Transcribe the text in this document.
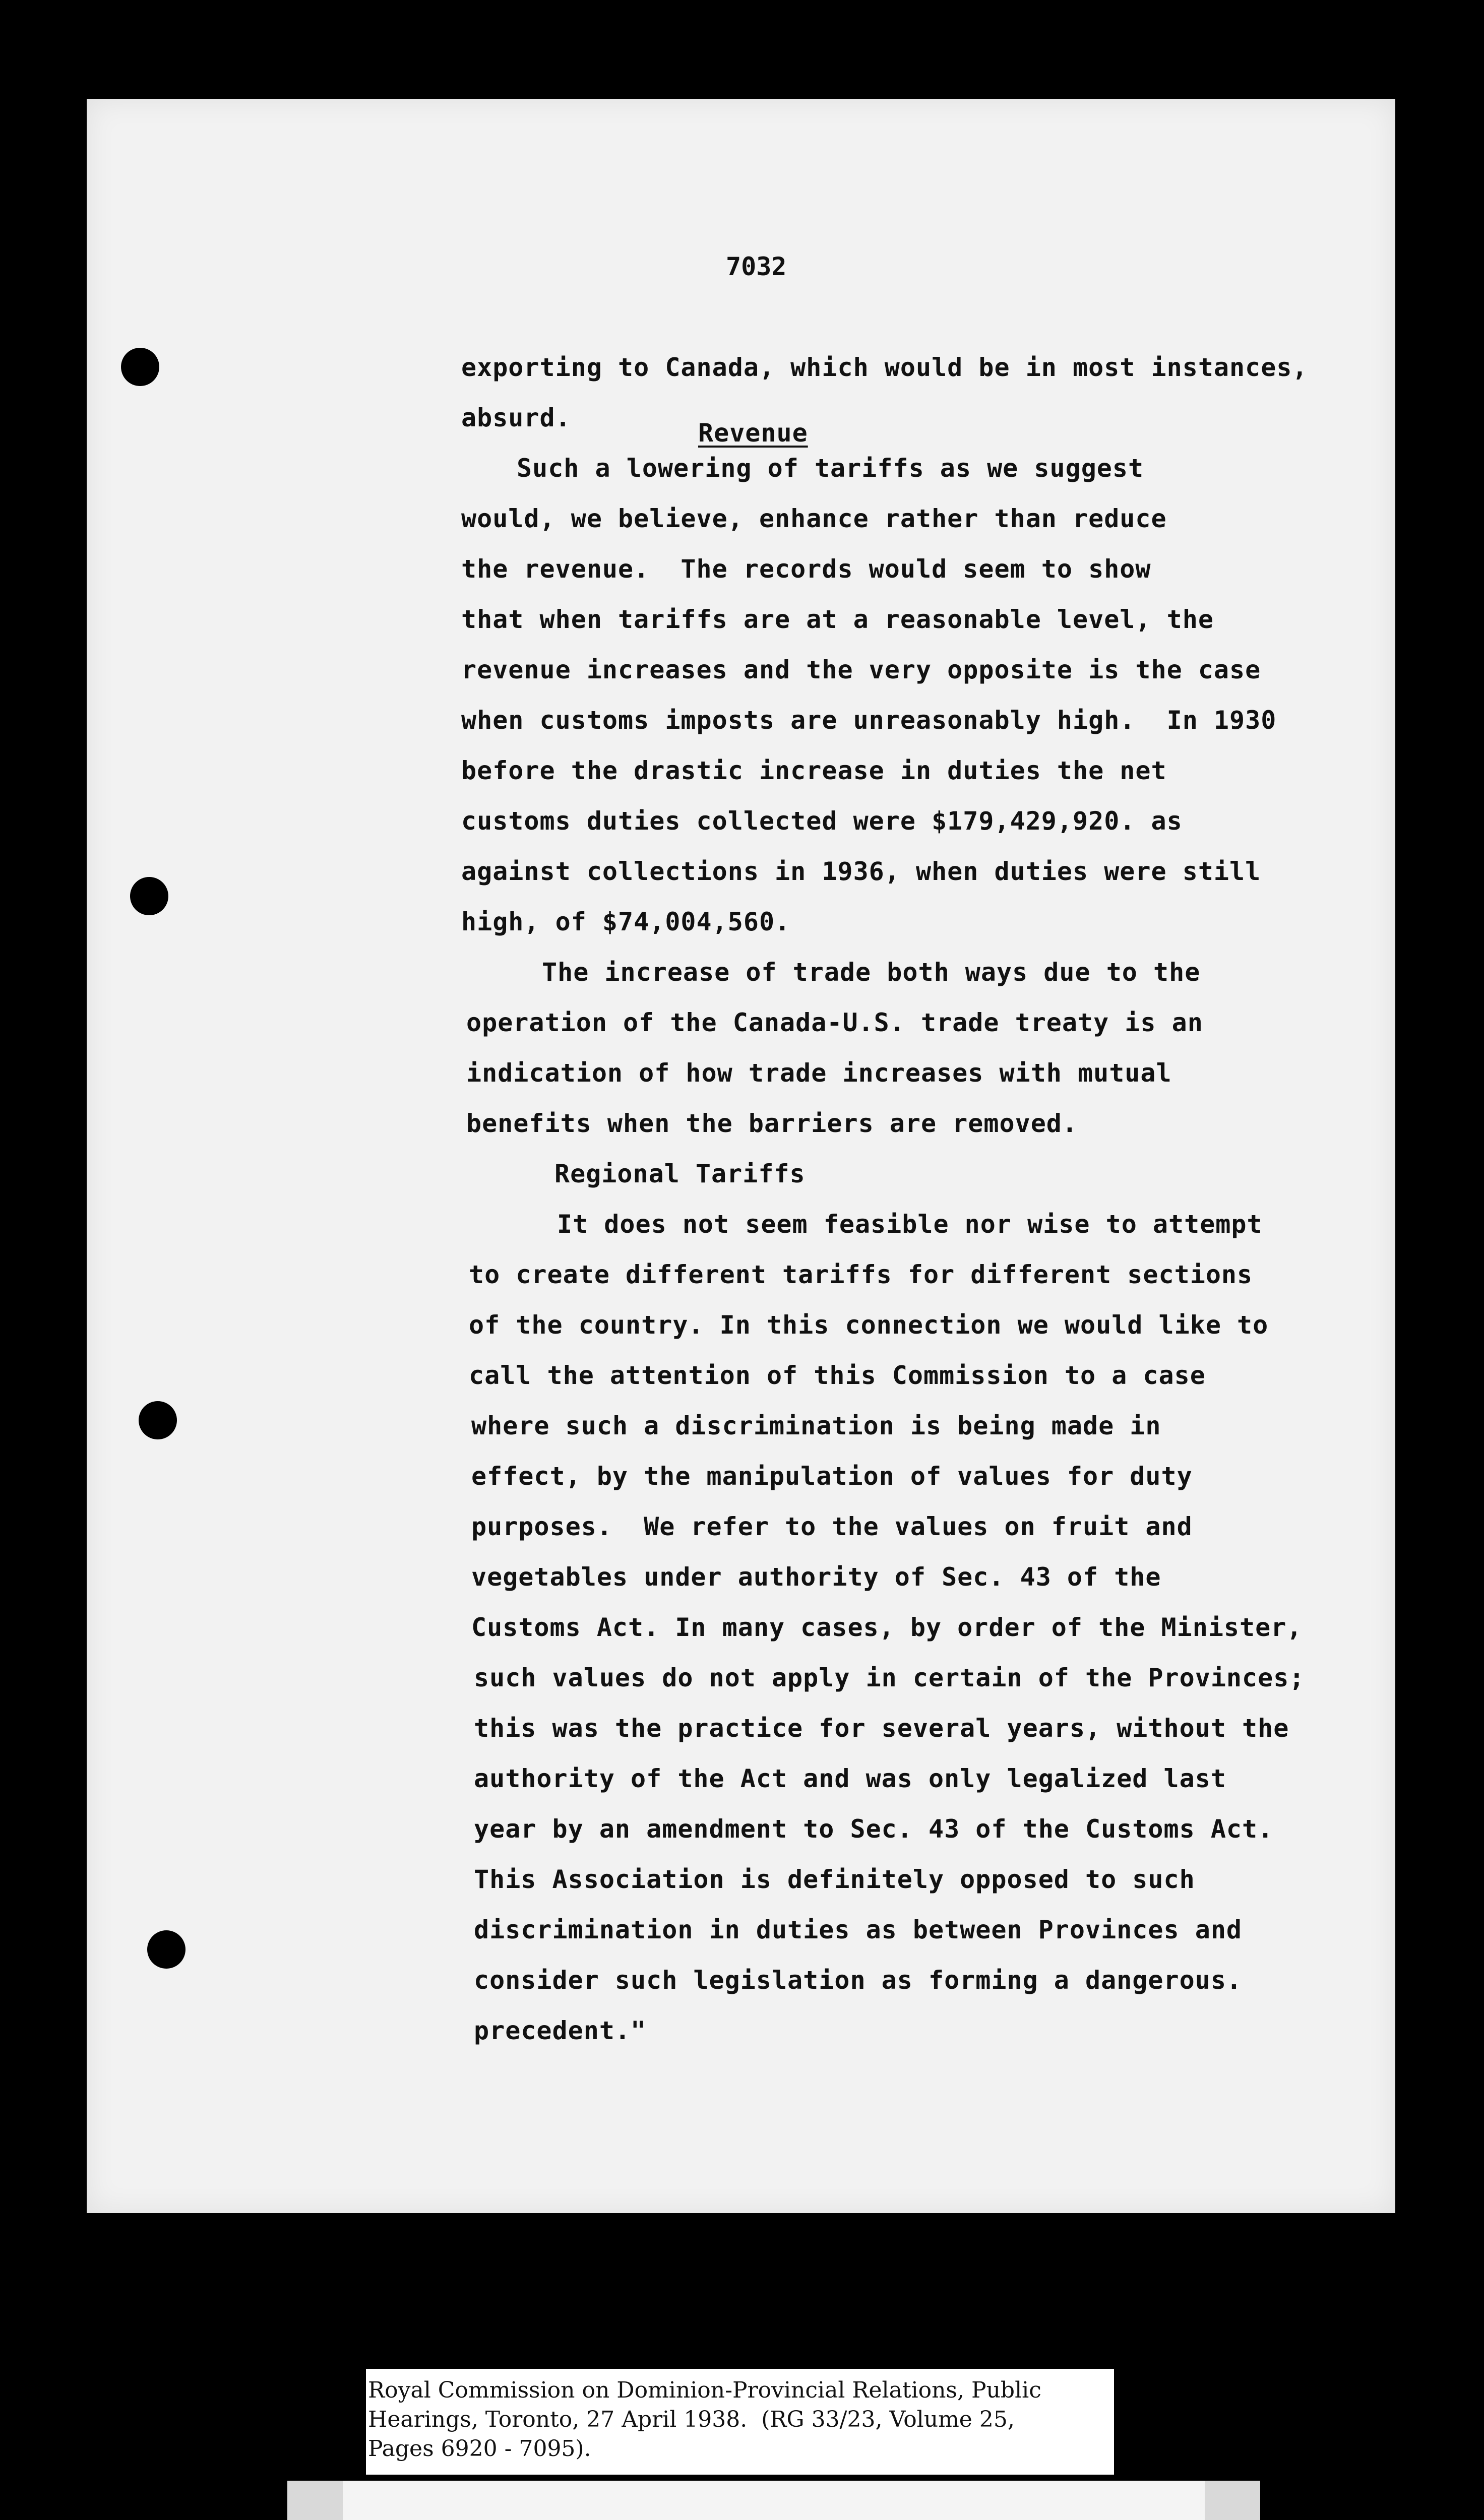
7032
Revenue
Regional Tariffs
exporting to Canada, which would be in most instances,
absurd.
Such a lowering of tariffs as we suggest
would, we believe, enhance rather than reduce
the revenue.  The records would seem to show
that when tariffs are at a reasonable level, the
revenue increases and the very opposite is the case
when customs imposts are unreasonably high.  In 1930
before the drastic increase in duties the net
customs duties collected were $179,429,920. as
against collections in 1936, when duties were still
high, of $74,004,560.
The increase of trade both ways due to the
operation of the Canada-U.S. trade treaty is an
indication of how trade increases with mutual
benefits when the barriers are removed.
It does not seem feasible nor wise to attempt
to create different tariffs for different sections
of the country. In this connection we would like to
call the attention of this Commission to a case
where such a discrimination is being made in
effect, by the manipulation of values for duty
purposes.  We refer to the values on fruit and
vegetables under authority of Sec. 43 of the
Customs Act. In many cases, by order of the Minister,
such values do not apply in certain of the Provinces;
this was the practice for several years, without the
authority of the Act and was only legalized last
year by an amendment to Sec. 43 of the Customs Act.
This Association is definitely opposed to such
discrimination in duties as between Provinces and
consider such legislation as forming a dangerous.
precedent."
Royal Commission on Dominion-Provincial Relations, Public
Hearings, Toronto, 27 April 1938.  (RG 33/23, Volume 25,
Pages 6920 - 7095).
